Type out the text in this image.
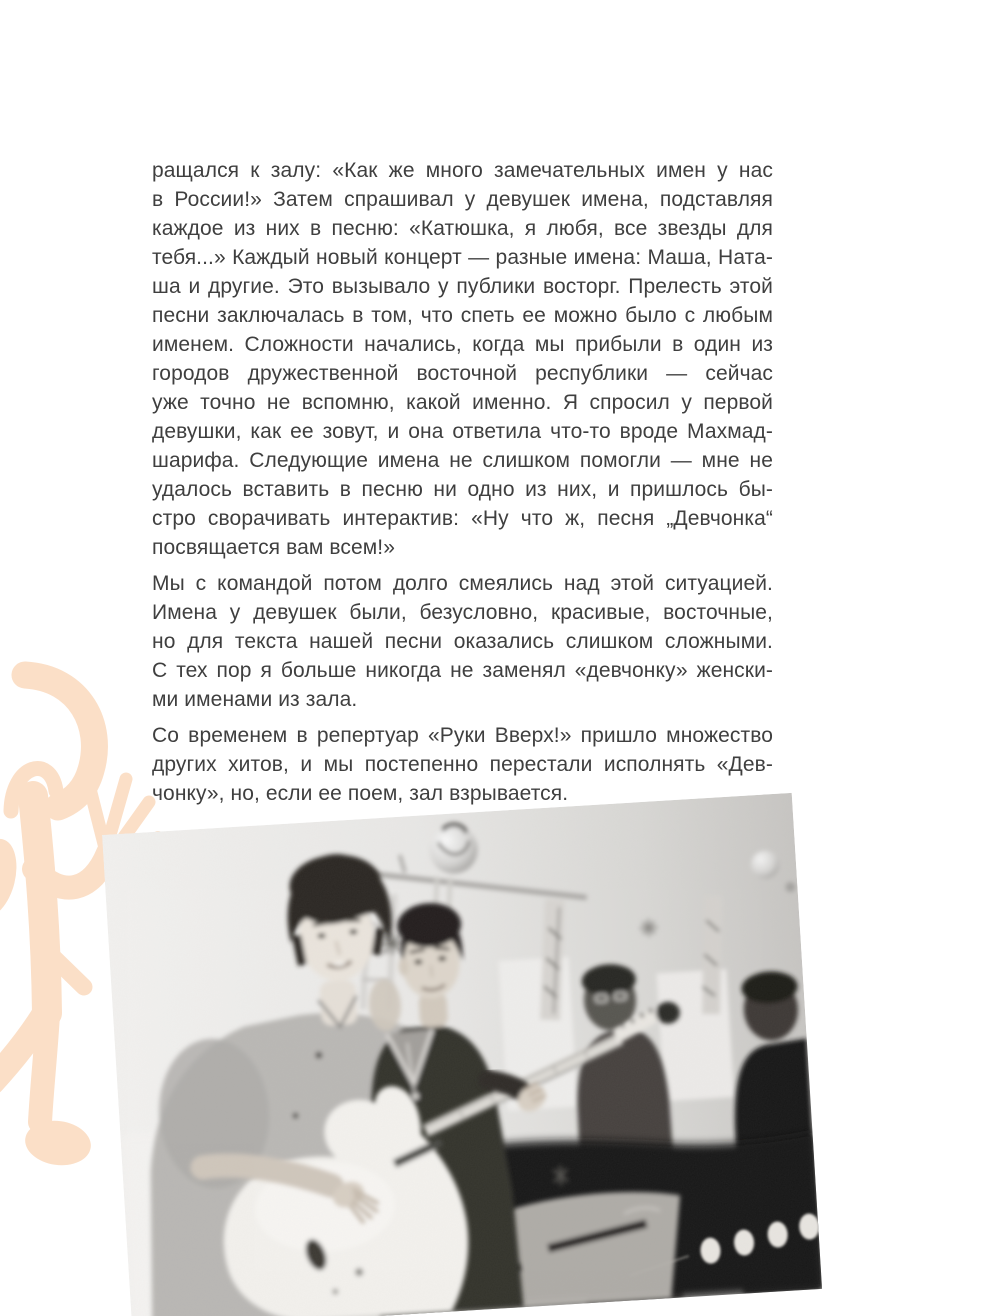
ращался к залу: «Как же много замечательных имен у нас
в России!» Затем спрашивал у девушек имена, подставляя
каждое из них в песню: «Катюшка, я любя, все звезды для
тебя...» Каждый новый концерт — разные имена: Маша, Ната-
ша и другие. Это вызывало у публики восторг. Прелесть этой
песни заключалась в том, что спеть ее можно было с любым
именем. Сложности начались, когда мы прибыли в один из
городов дружественной восточной республики — сейчас
уже точно не вспомню, какой именно. Я спросил у первой
девушки, как ее зовут, и она ответила что-то вроде Махмад-
шарифа. Следующие имена не слишком помогли — мне не
удалось вставить в песню ни одно из них, и пришлось бы-
стро сворачивать интерактив: «Ну что ж, песня „Девчонка“
посвящается вам всем!»
Мы с командой потом долго смеялись над этой ситуацией.
Имена у девушек были, безусловно, красивые, восточные,
но для текста нашей песни оказались слишком сложными.
С тех пор я больше никогда не заменял «девчонку» женски-
ми именами из зала.
Со временем в репертуар «Руки Вверх!» пришло множество
других хитов, и мы постепенно перестали исполнять «Дев-
чонку», но, если ее поем, зал взрывается.
